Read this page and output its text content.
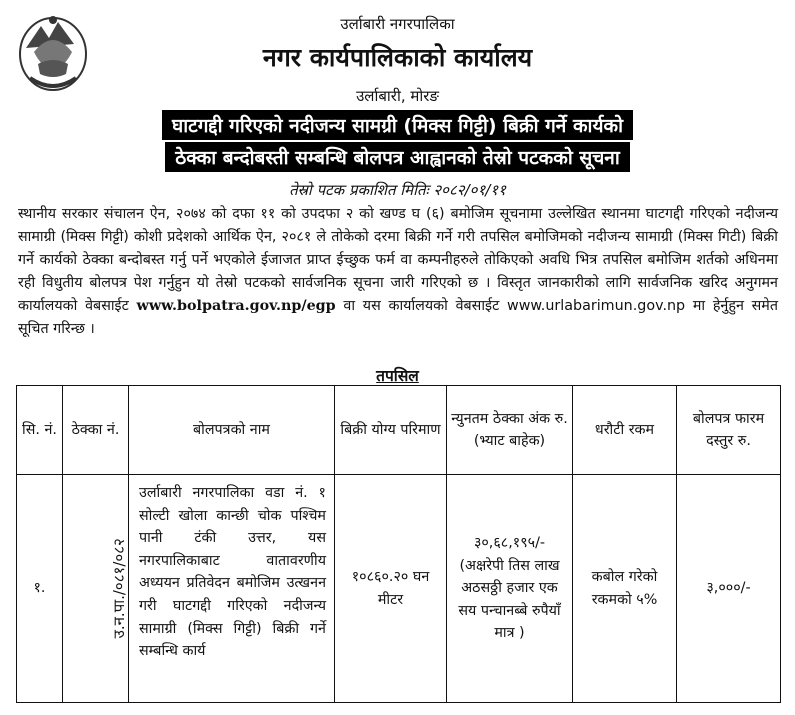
उर्लाबारी नगरपालिका
नगर कार्यपालिकाको कार्यालय
उर्लाबारी, मोरङ
घाटगद्दी गरिएको नदीजन्य सामग्री (मिक्स गिट्टी) बिक्री गर्ने कार्यको
ठेक्का बन्दोबस्ती सम्बन्धि बोलपत्र आह्वानको तेस्रो पटकको सूचना
तेस्रो पटक प्रकाशित मितिः २०८२/०१/११
स्थानीय सरकार संचालन ऐन, २०७४ को दफा ११ को उपदफा २ को खण्ड घ (६) बमोजिम सूचनामा उल्लेखित स्थानमा घाटगद्दी गरिएको नदीजन्य सामाग्री (मिक्स गिट्टी) कोशी प्रदेशको आर्थिक ऐन, २०८१ ले तोकेको दरमा बिक्री गर्ने गरी तपसिल बमोजिमको नदीजन्य सामाग्री (मिक्स गिटी) बिक्री गर्ने कार्यको ठेक्का बन्दोबस्त गर्नु पर्ने भएकोले ईजाजत प्राप्त ईच्छुक फर्म वा कम्पनीहरुले तोकिएको अवधि भित्र तपसिल बमोजिम शर्तको अधिनमा रही विधुतीय बोलपत्र पेश गर्नुहुन यो तेस्रो पटकको सार्वजनिक सूचना जारी गरिएको छ । विस्तृत जानकारीको लागि सार्वजनिक खरिद अनुगमन कार्यालयको वेबसाईट www.bolpatra.gov.np/egp वा यस कार्यालयको वेबसाईट www.urlabarimun.gov.np मा हेर्नुहुन समेत सूचित गरिन्छ ।
तपसिल
सि. नं.	ठेक्का नं.	बोलपत्रको नाम	बिक्री योग्य परिमाण	न्युनतम ठेक्का अंक रु. (भ्याट बाहेक)	धरौटी रकम	बोलपत्र फारम दस्तुर रु.
१.	उ.न.पा./०८१/०८२	उर्लाबारी नगरपालिका वडा नं. १ सोल्टी खोला कान्छी चोक पश्चिम पानी टंकी उत्तर, यस नगरपालिकाबाट वातावरणीय अध्ययन प्रतिवेदन बमोजिम उत्खनन गरी घाटगद्दी गरिएको नदीजन्य सामाग्री (मिक्स गिट्टी) बिक्री गर्ने सम्बन्धि कार्य	१०८६०.२० घन मीटर	३०,६८,१९५/- (अक्षरेपी तिस लाख अठसठ्ठी हजार एक सय पन्चानब्बे रुपैयाँ मात्र )	कबोल गरेको रकमको ५%	३,०००/-
